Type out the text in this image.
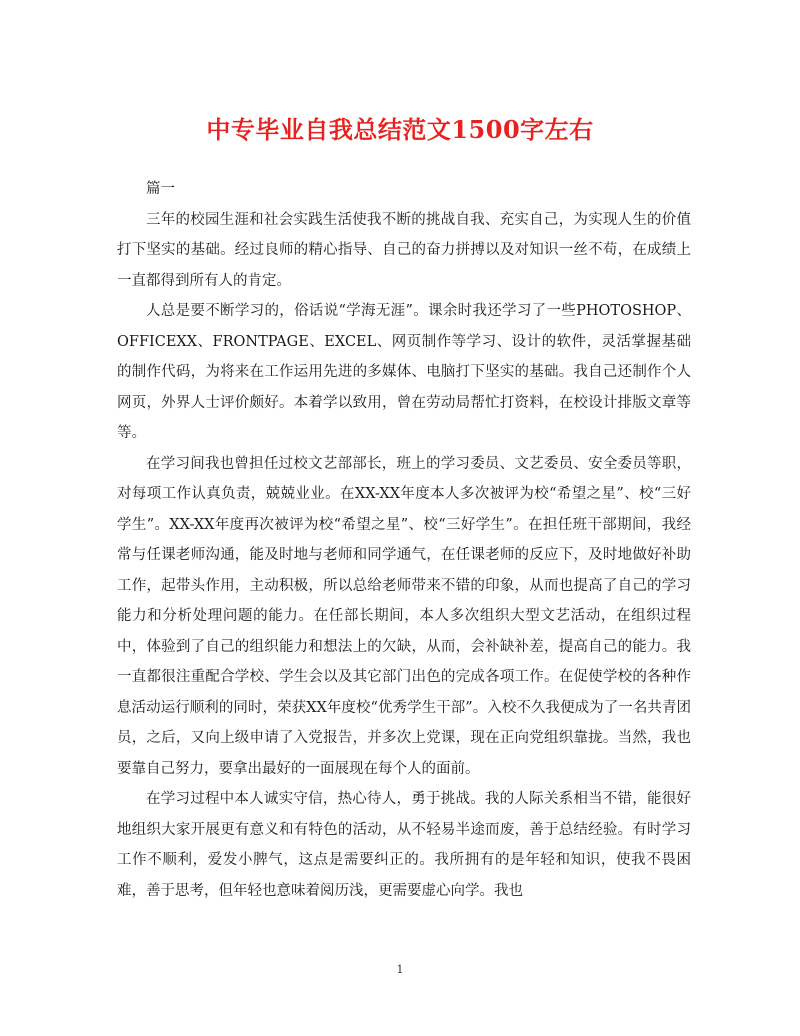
中专毕业自我总结范文1500字左右

篇一

三年的校园生涯和社会实践生活使我不断的挑战自我、充实自己，为实现人生的价值打下坚实的基础。经过良师的精心指导、自己的奋力拼搏以及对知识一丝不苟，在成绩上一直都得到所有人的肯定。

人总是要不断学习的，俗话说“学海无涯”。课余时我还学习了一些PHOTOSHOP、OFFICEXX、FRONTPAGE、EXCEL、网页制作等学习、设计的软件，灵活掌握基础的制作代码，为将来在工作运用先进的多媒体、电脑打下坚实的基础。我自己还制作个人网页，外界人士评价颇好。本着学以致用，曾在劳动局帮忙打资料，在校设计排版文章等等。

在学习间我也曾担任过校文艺部部长，班上的学习委员、文艺委员、安全委员等职，对每项工作认真负责，兢兢业业。在XX-XX年度本人多次被评为校“希望之星”、校“三好学生”。XX-XX年度再次被评为校“希望之星”、校“三好学生”。在担任班干部期间，我经常与任课老师沟通，能及时地与老师和同学通气，在任课老师的反应下，及时地做好补助工作，起带头作用，主动积极，所以总给老师带来不错的印象，从而也提高了自己的学习能力和分析处理问题的能力。在任部长期间，本人多次组织大型文艺活动，在组织过程中，体验到了自己的组织能力和想法上的欠缺，从而，会补缺补差，提高自己的能力。我一直都很注重配合学校、学生会以及其它部门出色的完成各项工作。在促使学校的各种作息活动运行顺利的同时，荣获XX年度校“优秀学生干部”。入校不久我便成为了一名共青团员，之后，又向上级申请了入党报告，并多次上党课，现在正向党组织靠拢。当然，我也要靠自己努力，要拿出最好的一面展现在每个人的面前。

在学习过程中本人诚实守信，热心待人，勇于挑战。我的人际关系相当不错，能很好地组织大家开展更有意义和有特色的活动，从不轻易半途而废，善于总结经验。有时学习工作不顺利，爱发小脾气，这点是需要纠正的。我所拥有的是年轻和知识，使我不畏困难，善于思考，但年轻也意味着阅历浅，更需要虚心向学。我也

1
